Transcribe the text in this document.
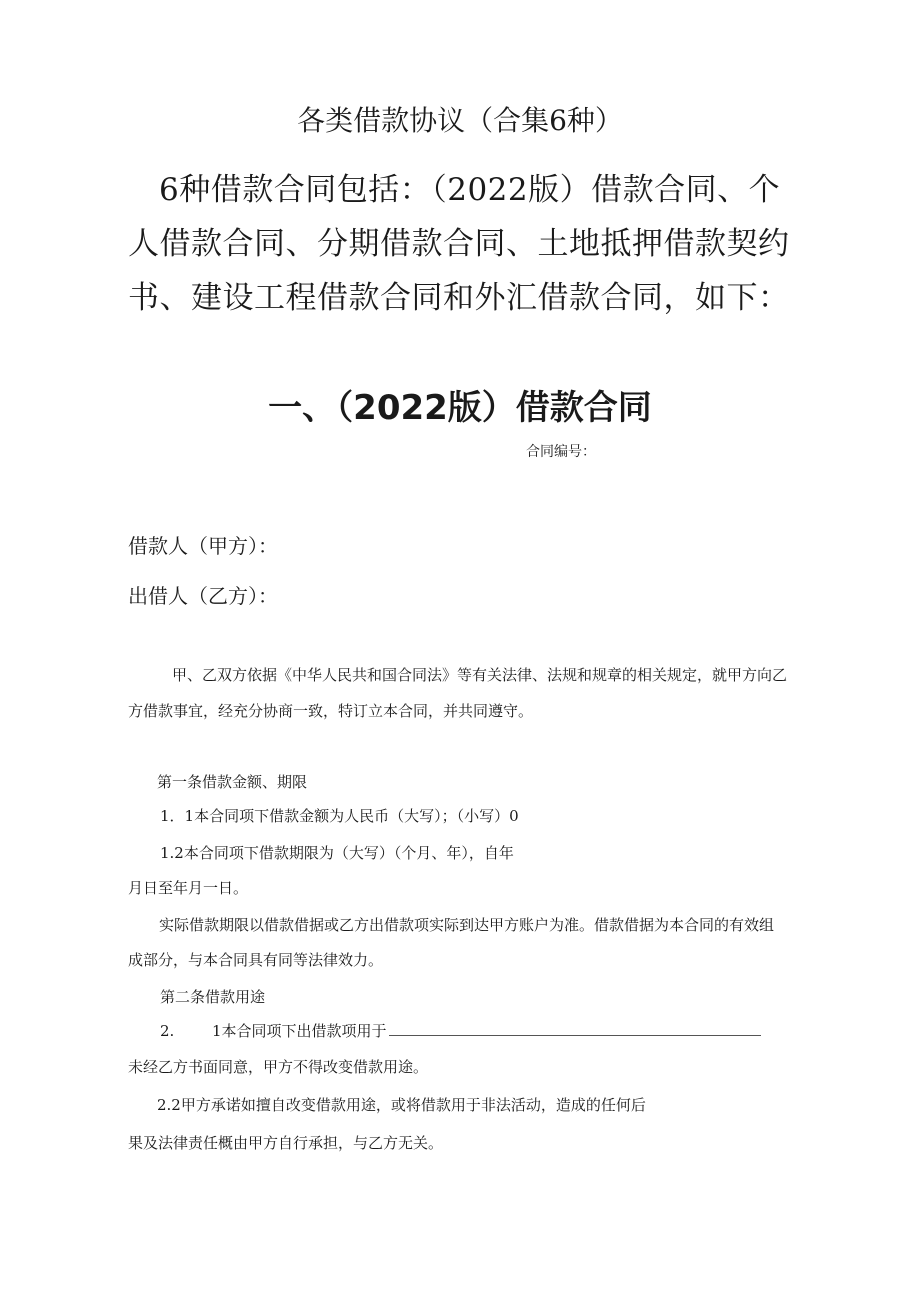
各类借款协议（合集6种）
6种借款合同包括：（2022版）借款合同、个人借款合同、分期借款合同、土地抵押借款契约书、建设工程借款合同和外汇借款合同，如下：
一、（2022版）借款合同
合同编号：
借款人（甲方）：
出借人（乙方）：
甲、乙双方依据《中华人民共和国合同法》等有关法律、法规和规章的相关规定，就甲方向乙方借款事宜，经充分协商一致，特订立本合同，并共同遵守。
第一条借款金额、期限
1．1本合同项下借款金额为人民币（大写）；（小写）0
1.2本合同项下借款期限为（大写）（个月、年），自年
月日至年月一日。
实际借款期限以借款借据或乙方出借款项实际到达甲方账户为准。借款借据为本合同的有效组
成部分，与本合同具有同等法律效力。
第二条借款用途
2.	1本合同项下出借款项用于
未经乙方书面同意，甲方不得改变借款用途。
2.2甲方承诺如擅自改变借款用途，或将借款用于非法活动，造成的任何后
果及法律责任概由甲方自行承担，与乙方无关。
